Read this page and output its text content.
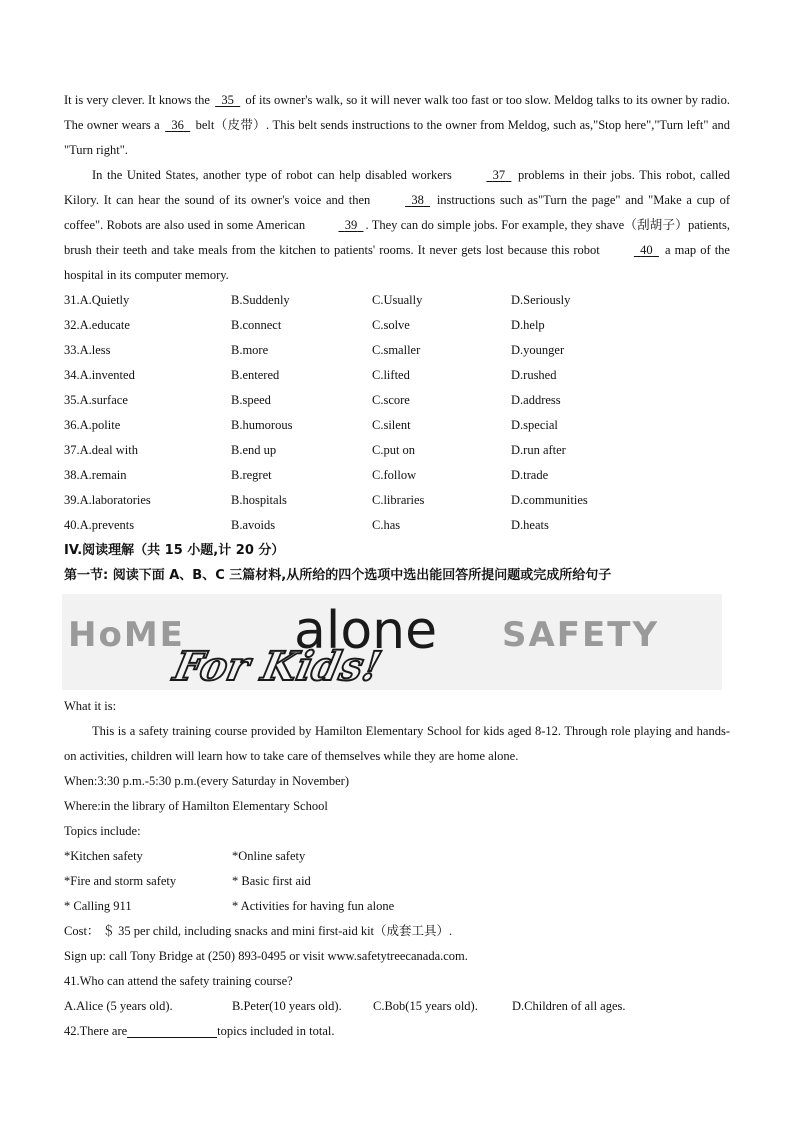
It is very clever. It knows the   35   of its owner's walk, so it will never walk too fast or too slow. Meldog talks to its owner by radio. The owner wears a   36   belt（皮带）. This belt sends instructions to the owner from Meldog, such as,"Stop here","Turn left" and "Turn right".

In the United States, another type of robot can help disabled workers	37   problems in their jobs. This robot, called Kilory. It can hear the sound of its owner's voice and then	38   instructions such as"Turn the page" and "Make a cup of coffee". Robots are also used in some American	39 . They can do simple jobs. For example, they shave（刮胡子）patients, brush their teeth and take meals from the kitchen to patients' rooms. It never gets lost because this robot	40   a map of the hospital in its computer memory.

31.A.Quietly	B.Suddenly	C.Usually	D.Seriously
32.A.educate	B.connect	C.solve	D.help
33.A.less	B.more	C.smaller	D.younger
34.A.invented	B.entered	C.lifted	D.rushed
35.A.surface	B.speed	C.score	D.address
36.A.polite	B.humorous	C.silent	D.special
37.A.deal with	B.end up	C.put on	D.run after
38.A.remain	B.regret	C.follow	D.trade
39.A.laboratories	B.hospitals	C.libraries	D.communities
40.A.prevents	B.avoids	C.has	D.heats
IV.阅读理解（共 15 小题,计 20 分）
第一节: 阅读下面 A、B、C 三篇材料,从所给的四个选项中选出能回答所提问题或完成所给句子
HoME alone SAFETY
For Kids!

What it is:

This is a safety training course provided by Hamilton Elementary School for kids aged 8-12. Through role playing and hands-on activities, children will learn how to take care of themselves while they are home alone.

When:3:30 p.m.-5:30 p.m.(every Saturday in November)

Where:in the library of Hamilton Elementary School

Topics include:

*Kitchen safety	*Online safety
*Fire and storm safety	* Basic first aid
* Calling 911	* Activities for having fun alone

Cost： ＄ 35 per child, including snacks and mini first-aid kit（成套工具）.

Sign up: call Tony Bridge at (250) 893-0495 or visit www.safetytreecanada.com.

41.Who can attend the safety training course?

A.Alice (5 years old).	B.Peter(10 years old).	C.Bob(15 years old).	D.Children of all ages.

42.There are	topics included in total.
